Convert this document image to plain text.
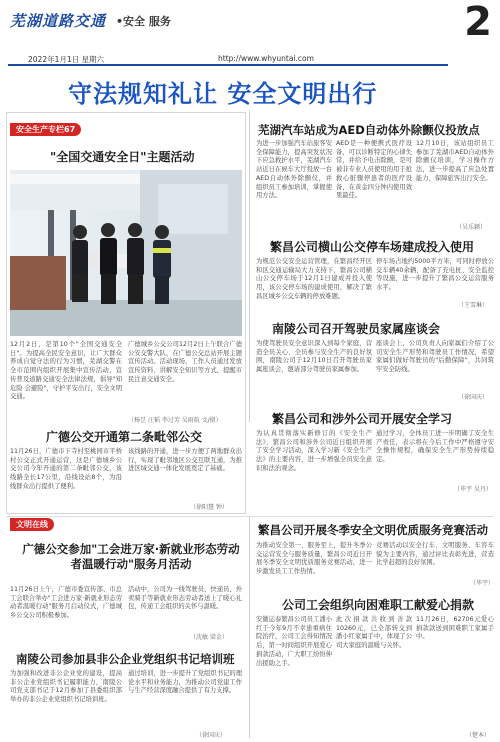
芜湖道路交通 •安全 服务	2
2022年1月1日 星期六	http://www.whyuntai.com
守法规知礼让 安全文明出行
安全生产专栏67
"全国交通安全日"主题活动
12月2日，是第10个"全国交通安全日"。为提高全民安全意识，让广大群众养成自觉守法的行为习惯，芜湖交警在全市范围内组织开展集中宣传活动，宣传普及道路交通安全法律法规，倡导"知危险 会避险"，守护平安出行，安全文明交通。
广德城乡公交公司12月2日上午联合广德公安交警大队，在广德公交总站开展主题宣传活动。活动现场，工作人员通过发放宣传资料、讲解安全知识等方式，提醒市民注意交通安全。
（杨昱 汪韬 李过芳 吴雨航 文/摄）
广德公交开通第二条毗邻公交
11月26日，广德市下寺村至桃园市平桥村公交正式开通运营，这是广德城乡公交公司今年开通的第二条毗邻公交，该线路全长17公里，沿线设站8个，为沿线群众出行提供了便利。
该线路的开通，进一步方便了两地群众出行，实现了毗邻地区公交互联互通，为推进区域交通一体化发展奠定了基础。
（徐阳慧 钟）
芜湖汽车站成为AED自动体外除颤仪投放点
为进一步加强汽车站旅客安全保障能力，提高突发状况下应急救护水平，芜湖汽车站近日在候车大厅投放一台AED自动体外除颤仪，并组织员工参加培训，掌握使用方法。
AED是一种便携式医疗设备，可以诊断特定的心律失常，并给予电击除颤，是可被非专业人员使用的用于抢救心脏骤停患者的医疗设备，在黄金四分钟内使用效果最佳。
12月10日，该站组织员工参加了芜湖市AED自动体外除颤仪培训，学习操作方法，进一步提高了应急处置能力，保障旅客出行安全。
（吴乐颖）
繁昌公司横山公交停车场建成投入使用
为规范公交安全运营管理，在繁昌经开区和区交通运输局大力支持下，繁昌公司横山公交停车场于12月1日建成并投入使用，该公交停车场的建成使用，解决了繁昌区城乡公交车辆的停放难题。
停车场占地约5000平方米，可同时停放公交车辆40余辆，配备了充电桩、安全监控等设施，进一步提升了繁昌公交运营服务水平。
（王雪琳）
南陵公司召开驾驶员家属座谈会
为使驾驶员安全意识深入到每个家庭，营造全员关心、全员参与安全生产的良好氛围，南陵公司于12月10日召开驾驶员家属座谈会，邀请部分驾驶员家属参加。
座谈会上，公司负责人向家属们介绍了公司安全生产形势和驾驶员工作情况，希望家属们做好驾驶员的"后勤保障"，共同筑牢安全防线。
（徐国庆）
繁昌公司和涉外公司开展安全学习
为认真贯彻落实新修订的《安全生产法》，繁昌公司和涉外公司近日组织开展了安全学习活动，深入学习新《安全生产法》的主要内容，进一步增强全员安全意识和法治观念。
通过学习，全体员工进一步明确了安全生产责任，表示将在今后工作中严格遵守安全操作规程，确保安全生产形势持续稳定。
（毕宇 吴丹）
文明在线
广德公交参加"工会进万家·新就业形态劳动者温暖行动"服务月活动
11月26日上午，广德市委宣传部、市总工会联合举办"工会进万家·新就业形态劳动者温暖行动"服务月启动仪式，广德城乡公交公司积极参加。
活动中，公司为一线驾驶员、快递员、外卖骑手等新就业形态劳动者送上了暖心礼包，传递工会组织的关怀与温暖。
（沈敏 梁金）
南陵公司参加县非公企业党组织书记培训班
为加强和改进非公企业党的建设，提高非公企业党组织书记履职能力，南陵公司党支部书记于12月参加了县委组织部举办的非公企业党组织书记培训班。
通过培训，进一步提升了党组织书记的理论水平和业务能力，为推动公司党建工作与生产经营深度融合提供了有力支撑。
（徐国庆）
繁昌公司开展冬季安全文明优质服务竞赛活动
为推动安全第一、服务至上，提升冬季公交运营安全与服务质量，繁昌公司近日开展冬季安全文明优质服务竞赛活动，进一步激发员工工作热情。
竞赛活动以安全行车、文明服务、车容车貌为主要内容，通过评比表彰先进，营造比学赶超的良好氛围。
（毕宇）
公司工会组织向困难职工献爱心捐款
安徽运泰繁昌公司员工潘小红于今年9月不幸患重病住院治疗，公司工会得知情况后，第一时间组织开展爱心捐款活动，广大职工纷纷伸出援助之手。
此次捐款共收到善款10260元，已全部转交到潘小红家属手中，体现了公司大家庭的温暖与关怀。
11月26日，62706元爱心捐款款送到困难职工家属手中。
（楚本）
